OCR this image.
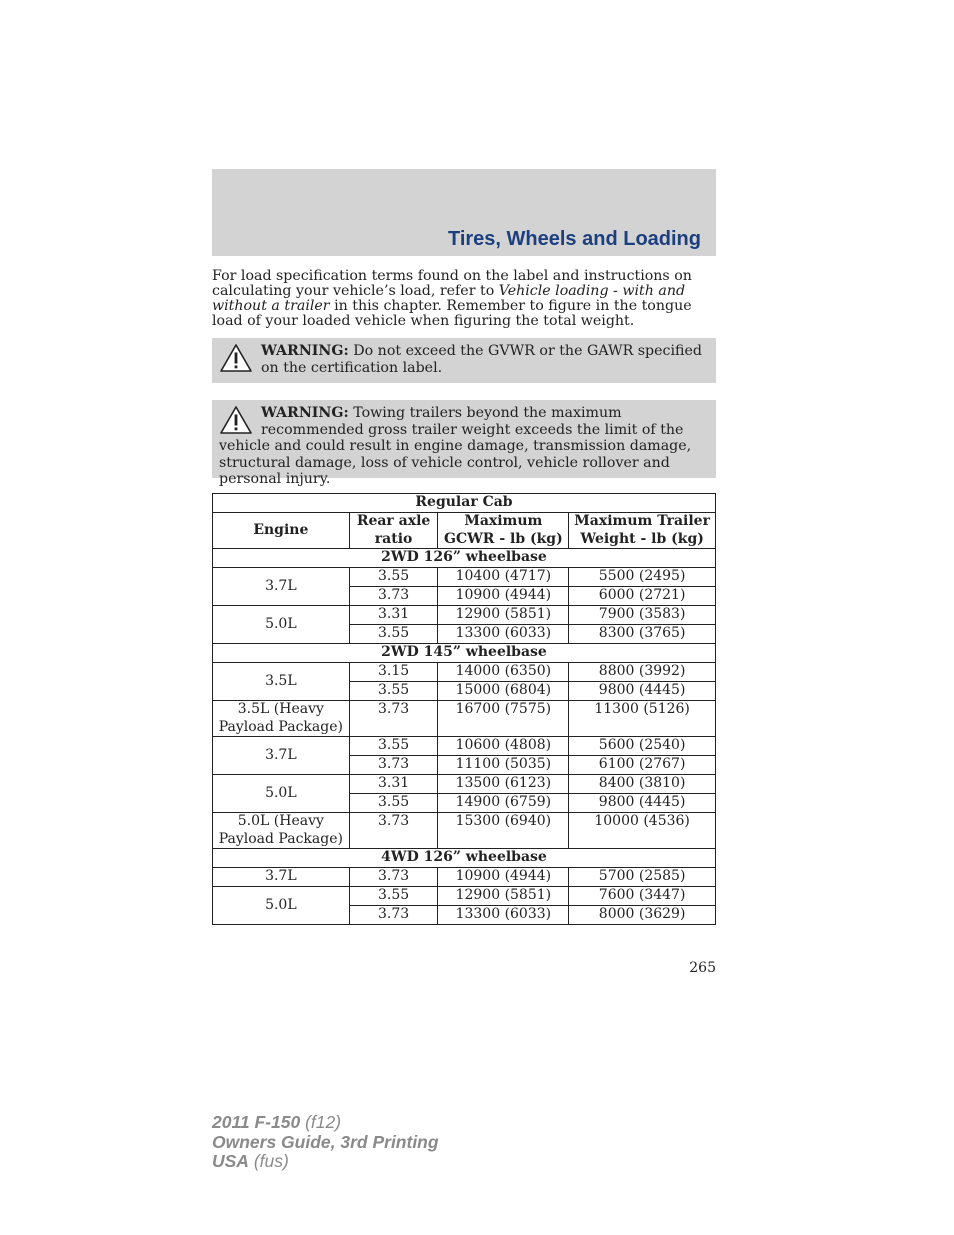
Tires, Wheels and Loading

For load specification terms found on the label and instructions on calculating your vehicle’s load, refer to Vehicle loading - with and without a trailer in this chapter. Remember to figure in the tongue load of your loaded vehicle when figuring the total weight.

WARNING: Do not exceed the GVWR or the GAWR specified on the certification label.
WARNING: Towing trailers beyond the maximum recommended gross trailer weight exceeds the limit of the vehicle and could result in engine damage, transmission damage, structural damage, loss of vehicle control, vehicle rollover and personal injury.
Regular Cab			
Engine	Rear axle ratio	Maximum GCWR - lb (kg)	Maximum Trailer Weight - lb (kg)
2WD 126” wheelbase			
3.7L	3.55	10400 (4717)	5500 (2495)
	3.73	10900 (4944)	6000 (2721)
5.0L	3.31	12900 (5851)	7900 (3583)
	3.55	13300 (6033)	8300 (3765)
2WD 145” wheelbase			
3.5L	3.15	14000 (6350)	8800 (3992)
	3.55	15000 (6804)	9800 (4445)
3.5L (Heavy Payload Package)	3.73	16700 (7575)	11300 (5126)
3.7L	3.55	10600 (4808)	5600 (2540)
	3.73	11100 (5035)	6100 (2767)
5.0L	3.31	13500 (6123)	8400 (3810)
	3.55	14900 (6759)	9800 (4445)
5.0L (Heavy Payload Package)	3.73	15300 (6940)	10000 (4536)
4WD 126” wheelbase			
3.7L	3.73	10900 (4944)	5700 (2585)
5.0L	3.55	12900 (5851)	7600 (3447)
	3.73	13300 (6033)	8000 (3629)
265
2011 F-150 (f12)
Owners Guide, 3rd Printing
USA (fus)
